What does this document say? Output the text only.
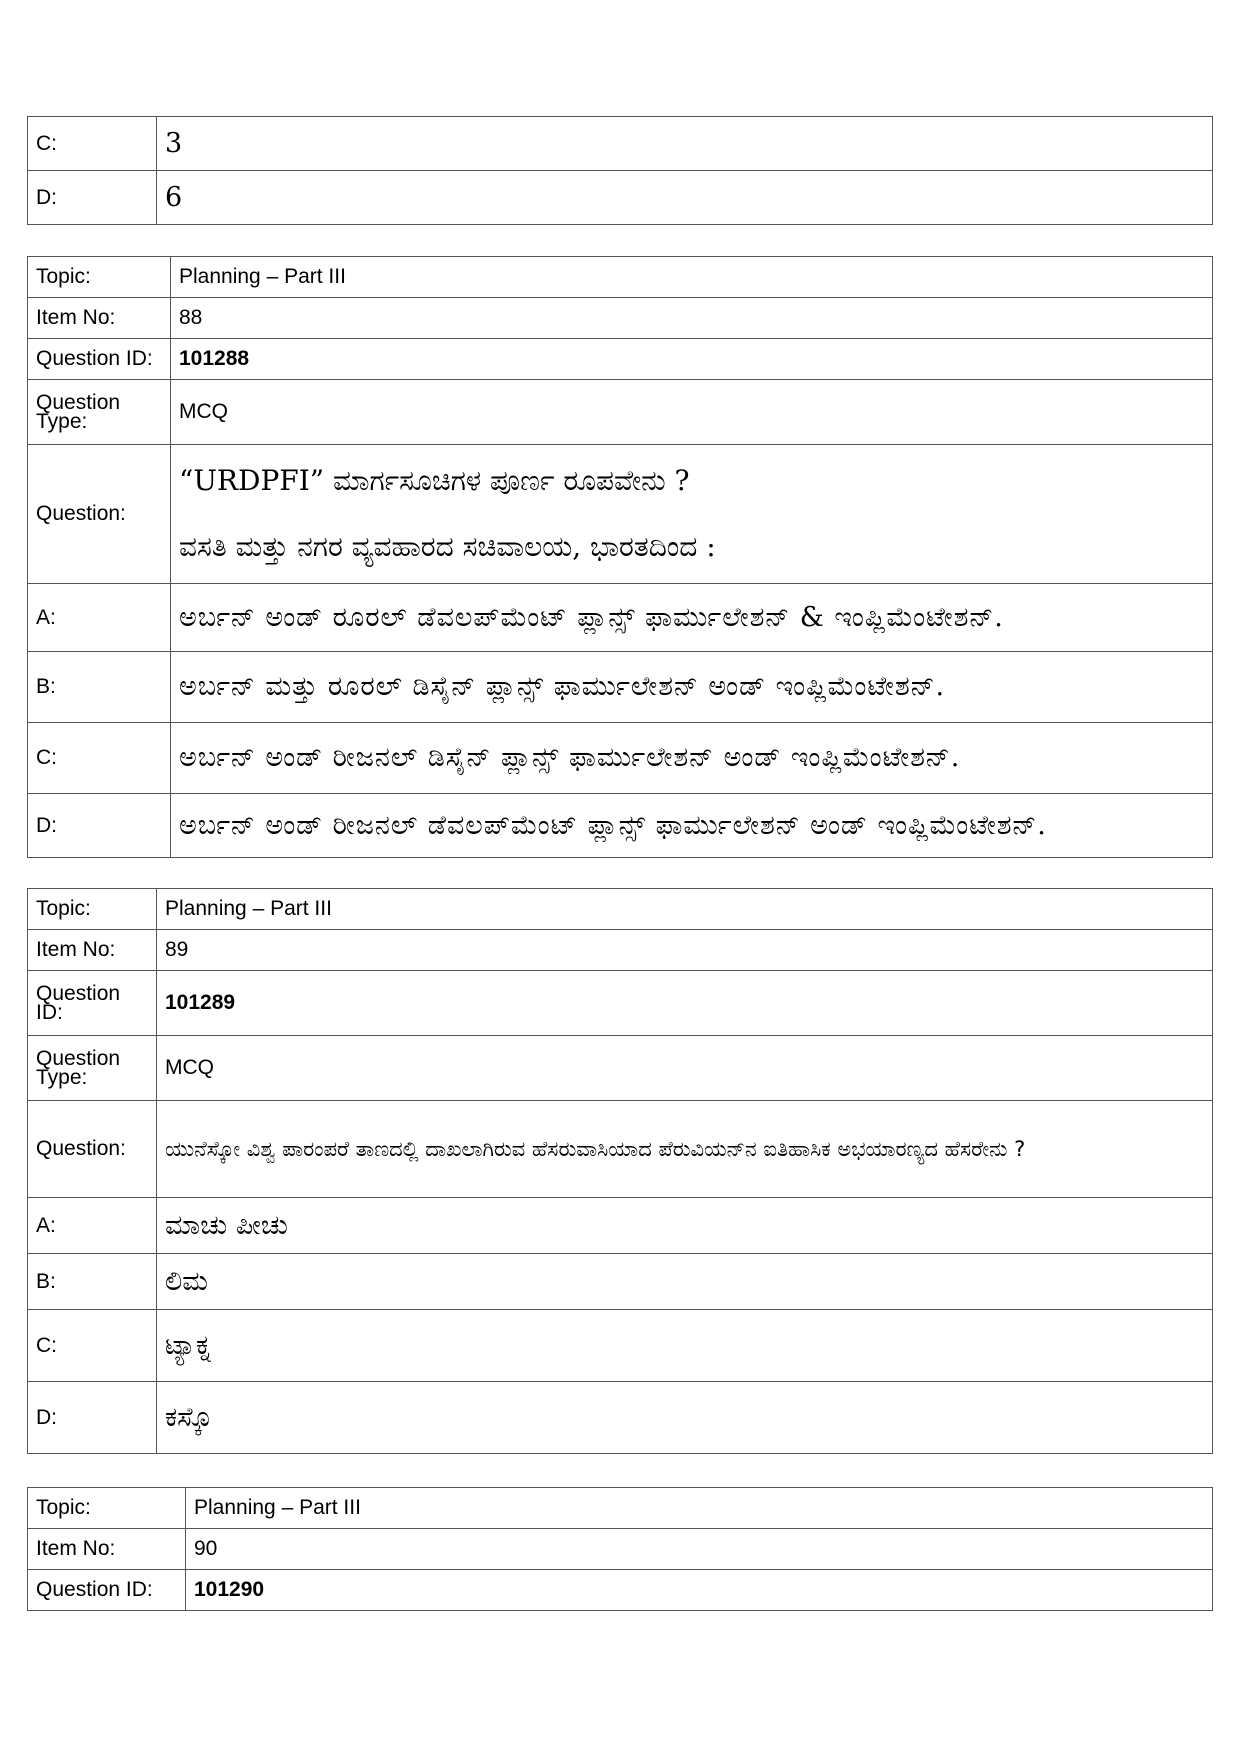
C:	3
D:	6
Topic:	Planning – Part III
Item No:	88
Question ID:	101288
Question Type:	MCQ
Question:	“URDPFI” ಮಾರ್ಗಸೂಚಿಗಳ ಪೂರ್ಣ ರೂಪವೇನು ?
ವಸತಿ ಮತ್ತು ನಗರ ವ್ಯವಹಾರದ ಸಚಿವಾಲಯ, ಭಾರತದಿಂದ :

A:	ಅರ್ಬನ್ ಅಂಡ್ ರೂರಲ್ ಡೆವಲಪ್‌ಮೆಂಟ್ ಪ್ಲಾನ್ಸ್ ಫಾರ್ಮುಲೇಶನ್ & ಇಂಪ್ಲಿಮೆಂಟೇಶನ್.
B:	ಅರ್ಬನ್ ಮತ್ತು ರೂರಲ್ ಡಿಸೈನ್ ಪ್ಲಾನ್ಸ್ ಫಾರ್ಮುಲೇಶನ್ ಅಂಡ್ ಇಂಪ್ಲಿಮೆಂಟೇಶನ್.
C:	ಅರ್ಬನ್ ಅಂಡ್ ರೀಜನಲ್ ಡಿಸೈನ್ ಪ್ಲಾನ್ಸ್ ಫಾರ್ಮುಲೇಶನ್ ಅಂಡ್ ಇಂಪ್ಲಿಮೆಂಟೇಶನ್.
D:	ಅರ್ಬನ್ ಅಂಡ್ ರೀಜನಲ್ ಡೆವಲಪ್‌ಮೆಂಟ್ ಪ್ಲಾನ್ಸ್ ಫಾರ್ಮುಲೇಶನ್ ಅಂಡ್ ಇಂಪ್ಲಿಮೆಂಟೇಶನ್.
Topic:	Planning – Part III
Item No:	89
Question ID:	101289
Question Type:	MCQ
Question:	ಯುನೆಸ್ಕೋ ವಿಶ್ವ ಪಾರಂಪರೆ ತಾಣದಲ್ಲಿ ದಾಖಲಾಗಿರುವ ಹೆಸರುವಾಸಿಯಾದ ಪೆರುವಿಯನ್‌ನ ಐತಿಹಾಸಿಕ ಅಭಯಾರಣ್ಯದ ಹೆಸರೇನು ?
A:	ಮಾಚು ಪೀಚು
B:	ಲಿಮ
C:	ಟ್ಯಾಕ್ನ
D:	ಕಸ್ಕೊ
Topic:	Planning – Part III
Item No:	90
Question ID:	101290
